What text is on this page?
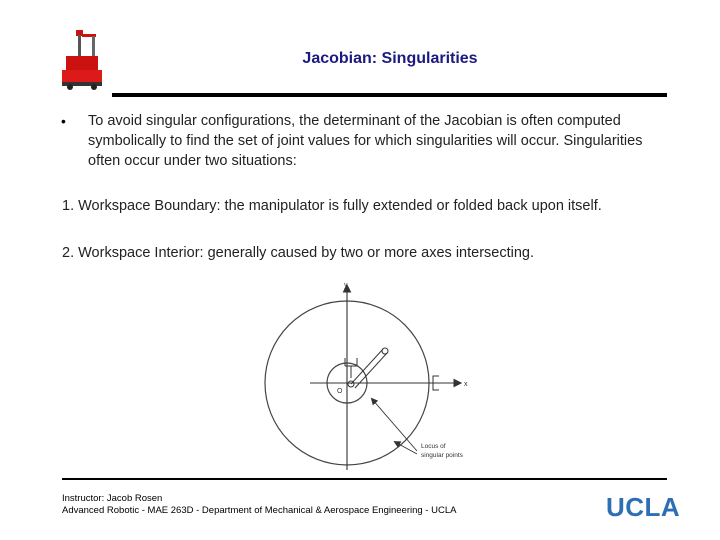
Jacobian: Singularities
• To avoid singular configurations, the determinant of the Jacobian is often computed symbolically to find the set of joint values for which singularities will occur. Singularities often occur under two situations:
1. Workspace Boundary: the manipulator is fully extended or folded back upon itself.
2. Workspace Interior: generally caused by two or more axes intersecting.
x
y
O
Locus of
singular points
Instructor: Jacob Rosen
Advanced Robotic - MAE 263D - Department of Mechanical & Aerospace Engineering - UCLA	UCLA
